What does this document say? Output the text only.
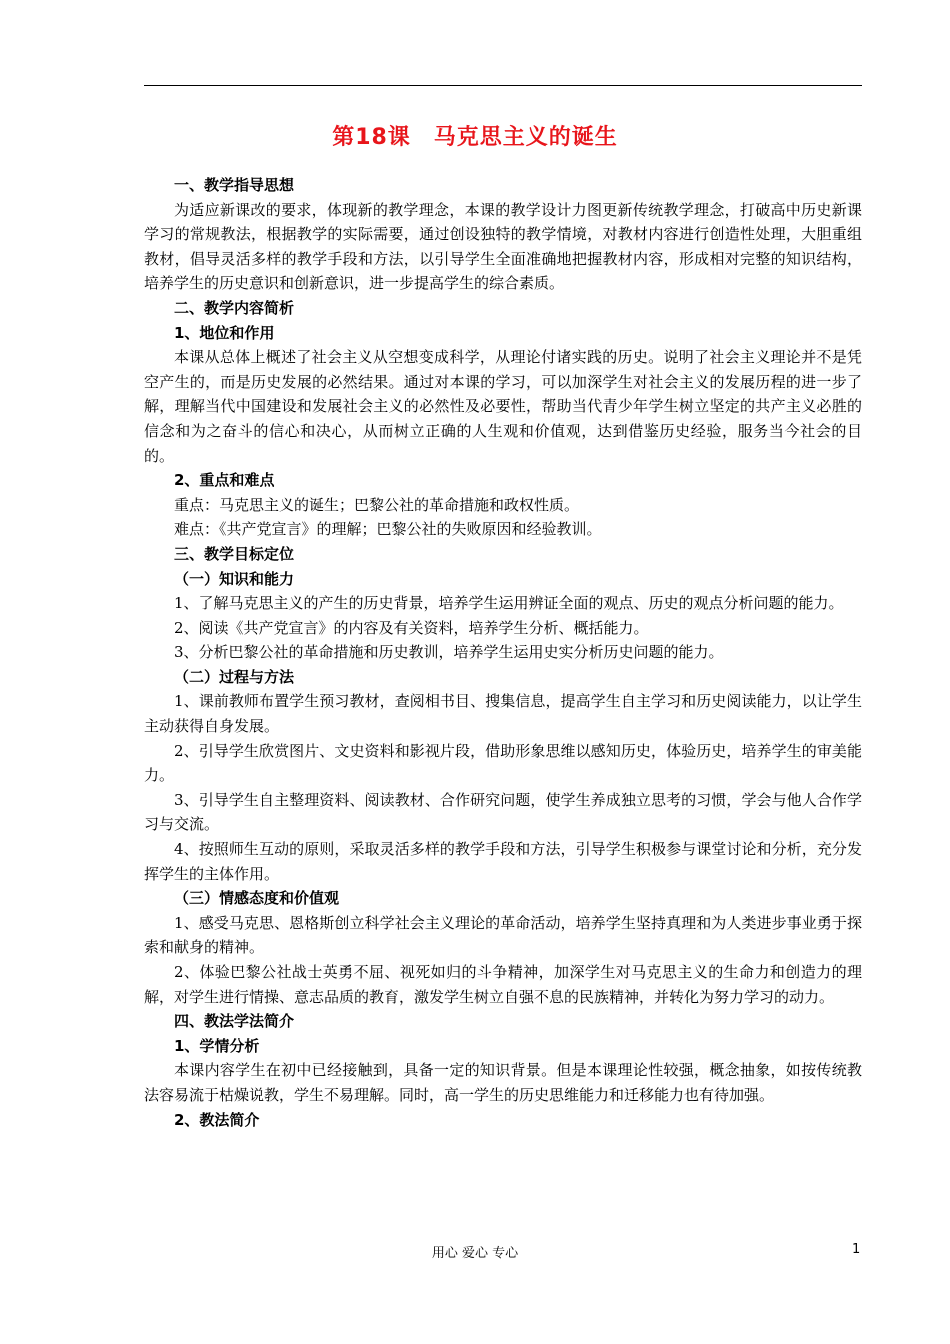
第18课　马克思主义的诞生

一、教学指导思想

为适应新课改的要求，体现新的教学理念，本课的教学设计力图更新传统教学理念，打破高中历史新课学习的常规教法，根据教学的实际需要，通过创设独特的教学情境，对教材内容进行创造性处理，大胆重组教材，倡导灵活多样的教学手段和方法，以引导学生全面准确地把握教材内容，形成相对完整的知识结构，培养学生的历史意识和创新意识，进一步提高学生的综合素质。

二、教学内容简析

1、地位和作用

本课从总体上概述了社会主义从空想变成科学，从理论付诸实践的历史。说明了社会主义理论并不是凭空产生的，而是历史发展的必然结果。通过对本课的学习，可以加深学生对社会主义的发展历程的进一步了解，理解当代中国建设和发展社会主义的必然性及必要性，帮助当代青少年学生树立坚定的共产主义必胜的信念和为之奋斗的信心和决心，从而树立正确的人生观和价值观，达到借鉴历史经验，服务当今社会的目的。

2、重点和难点

重点：马克思主义的诞生；巴黎公社的革命措施和政权性质。

难点：《共产党宣言》的理解；巴黎公社的失败原因和经验教训。

三、教学目标定位

（一）知识和能力

1、了解马克思主义的产生的历史背景，培养学生运用辨证全面的观点、历史的观点分析问题的能力。

2、阅读《共产党宣言》的内容及有关资料，培养学生分析、概括能力。

3、分析巴黎公社的革命措施和历史教训，培养学生运用史实分析历史问题的能力。

（二）过程与方法

1、课前教师布置学生预习教材，查阅相书目、搜集信息，提高学生自主学习和历史阅读能力，以让学生主动获得自身发展。

2、引导学生欣赏图片、文史资料和影视片段，借助形象思维以感知历史，体验历史，培养学生的审美能力。

3、引导学生自主整理资料、阅读教材、合作研究问题，使学生养成独立思考的习惯，学会与他人合作学习与交流。

4、按照师生互动的原则，采取灵活多样的教学手段和方法，引导学生积极参与课堂讨论和分析，充分发挥学生的主体作用。

（三）情感态度和价值观

1、感受马克思、恩格斯创立科学社会主义理论的革命活动，培养学生坚持真理和为人类进步事业勇于探索和献身的精神。

2、体验巴黎公社战士英勇不屈、视死如归的斗争精神，加深学生对马克思主义的生命力和创造力的理解，对学生进行情操、意志品质的教育，激发学生树立自强不息的民族精神，并转化为努力学习的动力。

四、教法学法简介

1、学情分析

本课内容学生在初中已经接触到，具备一定的知识背景。但是本课理论性较强，概念抽象，如按传统教法容易流于枯燥说教，学生不易理解。同时，高一学生的历史思维能力和迁移能力也有待加强。

2、教法简介

用心 爱心 专心	1
